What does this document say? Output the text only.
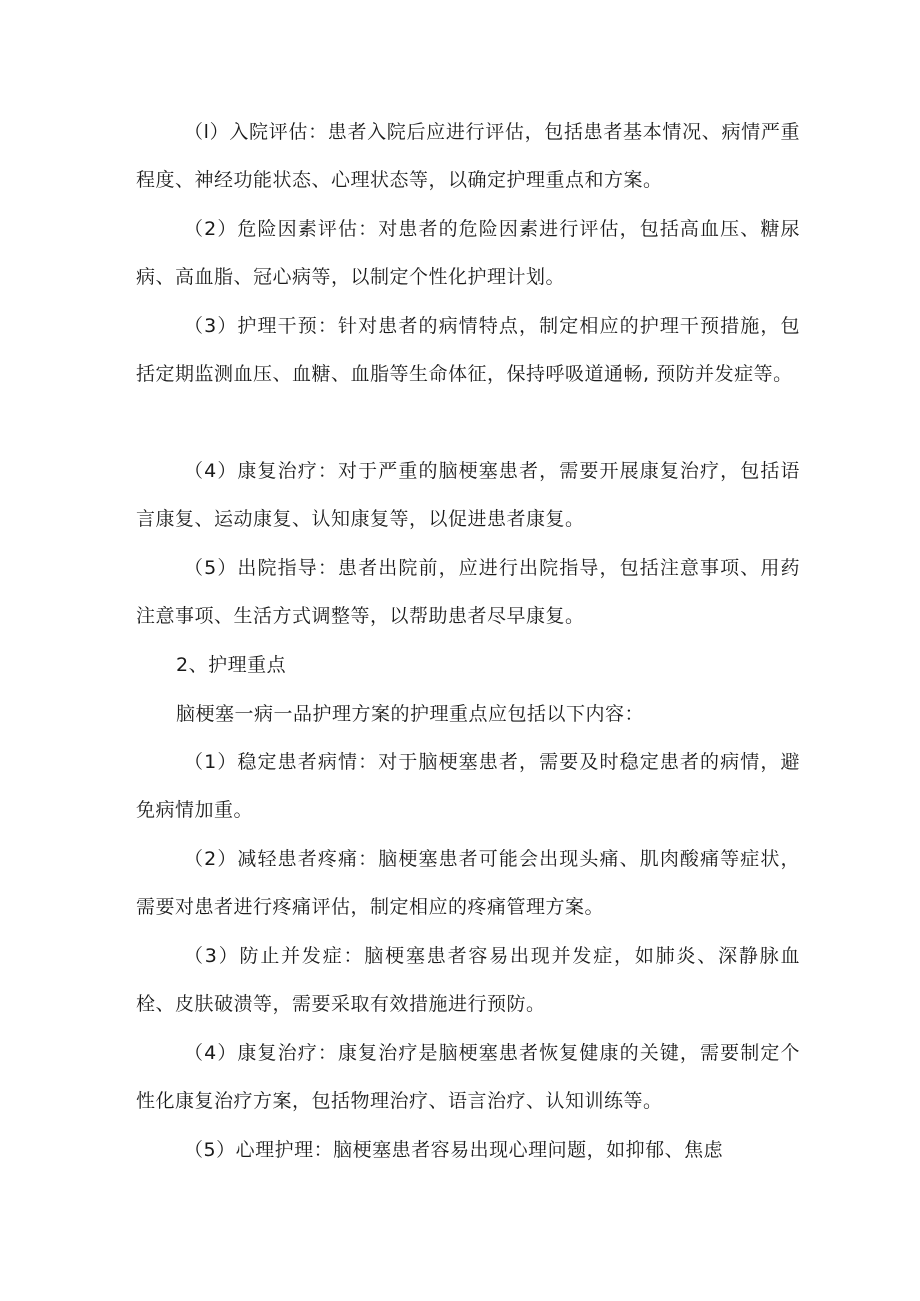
（l）入院评估：患者入院后应进行评估，包括患者基本情况、病情严重程度、神经功能状态、心理状态等，以确定护理重点和方案。

（2）危险因素评估：对患者的危险因素进行评估，包括高血压、糖尿病、高血脂、冠心病等，以制定个性化护理计划。

（3）护理干预：针对患者的病情特点，制定相应的护理干预措施，包括定期监测血压、血糖、血脂等生命体征，保持呼吸道通畅, 预防并发症等。

（4）康复治疗：对于严重的脑梗塞患者，需要开展康复治疗，包括语言康复、运动康复、认知康复等，以促进患者康复。

（5）出院指导：患者出院前，应进行出院指导，包括注意事项、用药注意事项、生活方式调整等，以帮助患者尽早康复。

2、护理重点

脑梗塞一病一品护理方案的护理重点应包括以下内容：

（1）稳定患者病情：对于脑梗塞患者，需要及时稳定患者的病情，避免病情加重。

（2）减轻患者疼痛：脑梗塞患者可能会出现头痛、肌肉酸痛等症状，需要对患者进行疼痛评估，制定相应的疼痛管理方案。

（3）防止并发症：脑梗塞患者容易出现并发症，如肺炎、深静脉血栓、皮肤破溃等，需要采取有效措施进行预防。

（4）康复治疗：康复治疗是脑梗塞患者恢复健康的关键，需要制定个性化康复治疗方案，包括物理治疗、语言治疗、认知训练等。

（5）心理护理：脑梗塞患者容易出现心理问题，如抑郁、焦虑
